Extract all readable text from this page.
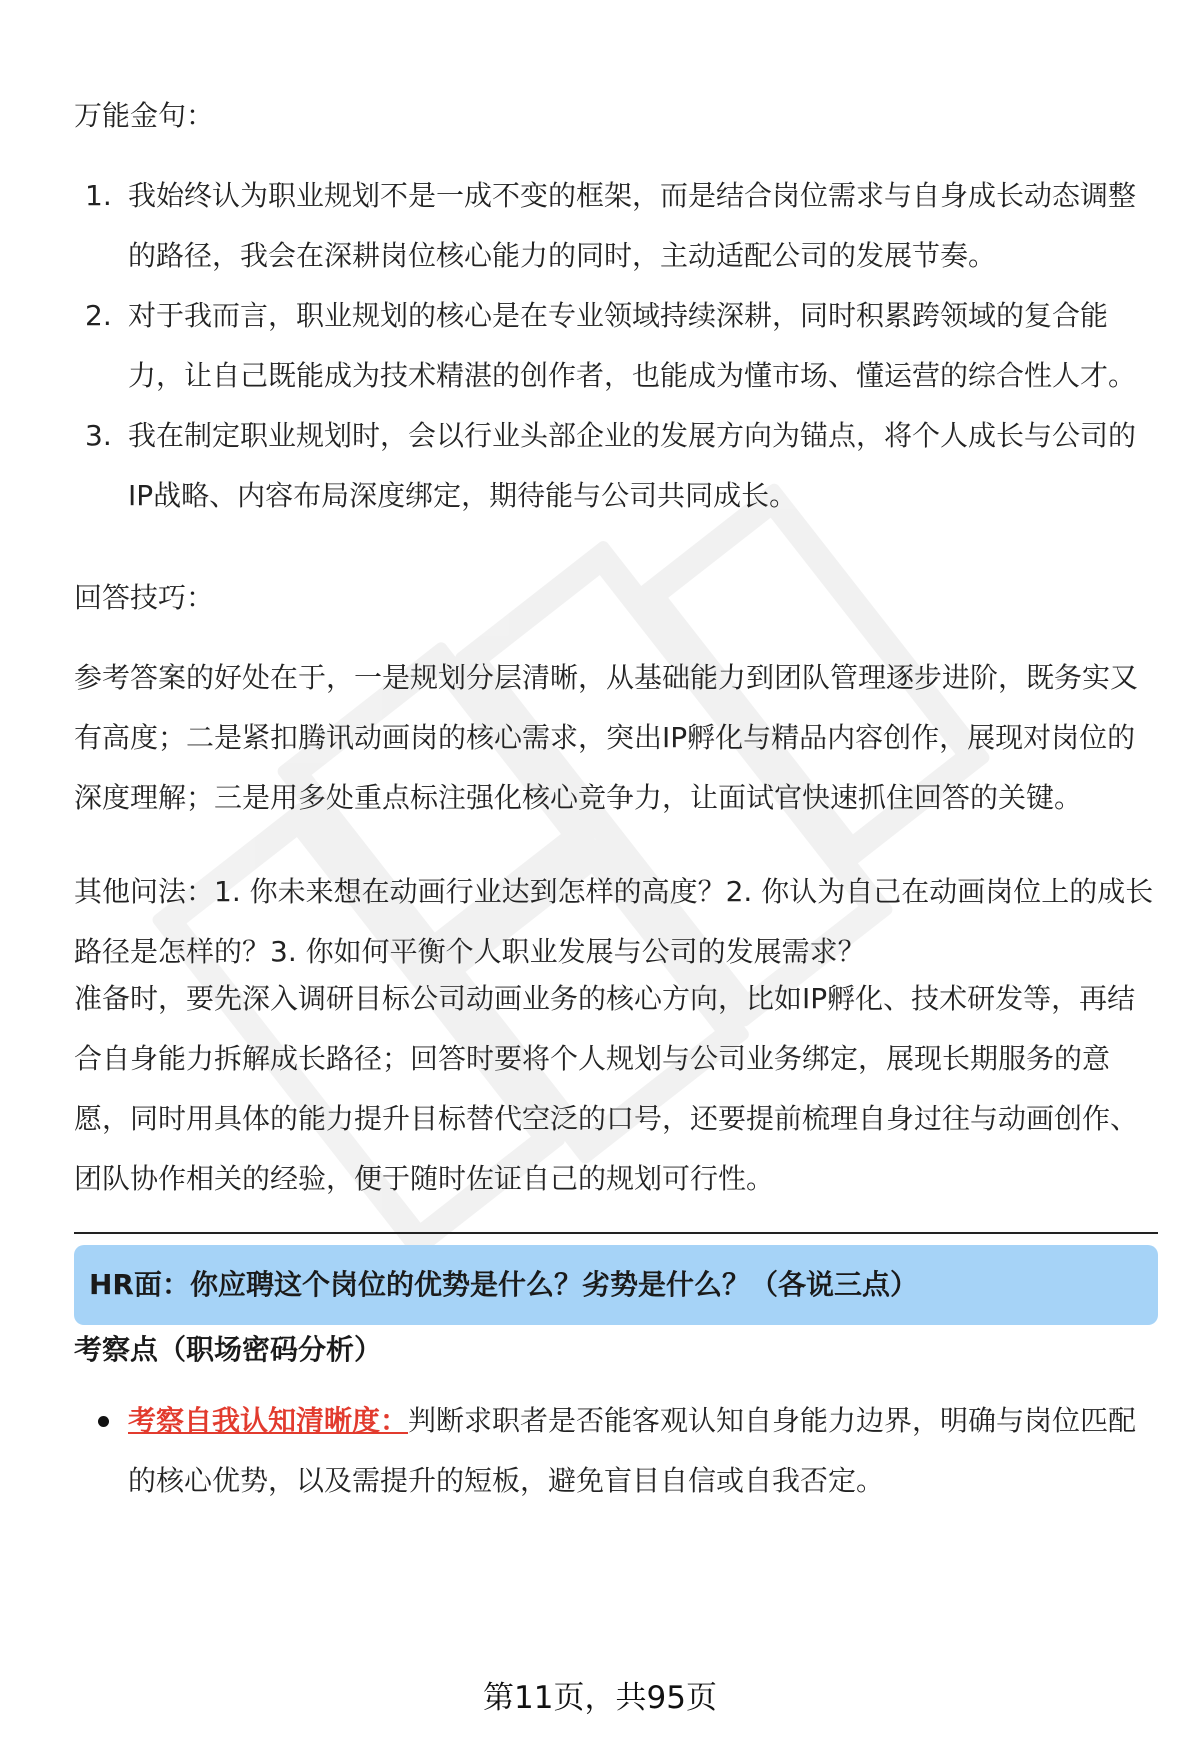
万能金句：
1. 我始终认为职业规划不是一成不变的框架，而是结合岗位需求与自身成长动态调整的路径，我会在深耕岗位核心能力的同时，主动适配公司的发展节奏。
2. 对于我而言，职业规划的核心是在专业领域持续深耕，同时积累跨领域的复合能力，让自己既能成为技术精湛的创作者，也能成为懂市场、懂运营的综合性人才。
3. 我在制定职业规划时，会以行业头部企业的发展方向为锚点，将个人成长与公司的IP战略、内容布局深度绑定，期待能与公司共同成长。
回答技巧：
参考答案的好处在于，一是规划分层清晰，从基础能力到团队管理逐步进阶，既务实又有高度；二是紧扣腾讯动画岗的核心需求，突出IP孵化与精品内容创作，展现对岗位的深度理解；三是用多处重点标注强化核心竞争力，让面试官快速抓住回答的关键。
其他问法：1. 你未来想在动画行业达到怎样的高度？2. 你认为自己在动画岗位上的成长路径是怎样的？3. 你如何平衡个人职业发展与公司的发展需求？
准备时，要先深入调研目标公司动画业务的核心方向，比如IP孵化、技术研发等，再结合自身能力拆解成长路径；回答时要将个人规划与公司业务绑定，展现长期服务的意愿，同时用具体的能力提升目标替代空泛的口号，还要提前梳理自身过往与动画创作、团队协作相关的经验，便于随时佐证自己的规划可行性。
HR面：你应聘这个岗位的优势是什么？劣势是什么？（各说三点）
考察点（职场密码分析）
考察自我认知清晰度：判断求职者是否能客观认知自身能力边界，明确与岗位匹配的核心优势，以及需提升的短板，避免盲目自信或自我否定。
第11页，共95页
